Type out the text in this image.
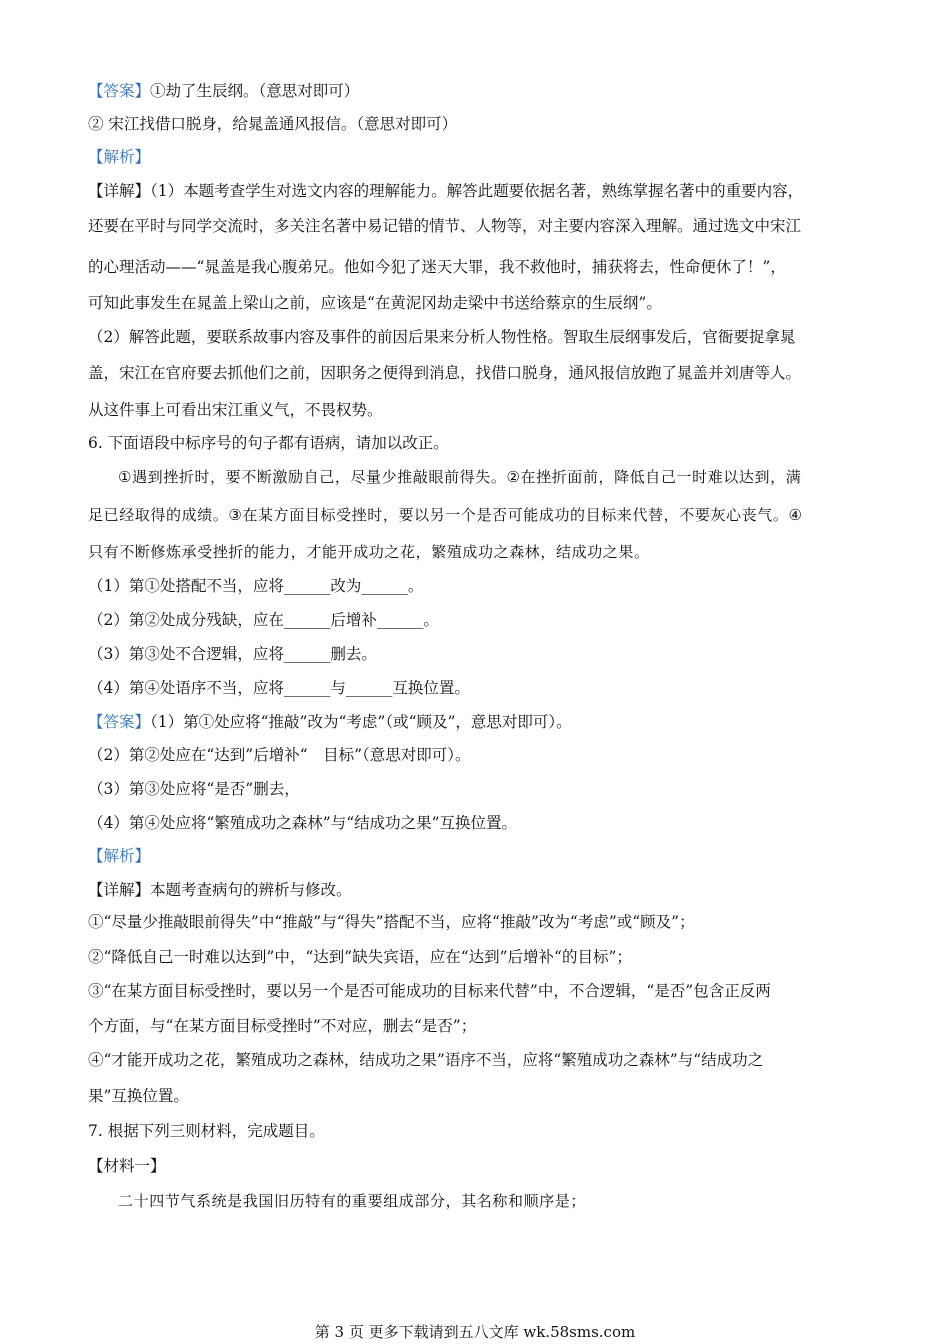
【答案】①劫了生辰纲。（意思对即可）
② 宋江找借口脱身，给晁盖通风报信。（意思对即可）
【解析】
【详解】（1）本题考查学生对选文内容的理解能力。解答此题要依据名著，熟练掌握名著中的重要内容，
还要在平时与同学交流时，多关注名著中易记错的情节、人物等，对主要内容深入理解。通过选文中宋江
的心理活动——“晁盖是我心腹弟兄。他如今犯了迷天大罪，我不救他时，捕获将去，性命便休了！”，
可知此事发生在晁盖上梁山之前，应该是“在黄泥冈劫走梁中书送给蔡京的生辰纲”。
（2）解答此题，要联系故事内容及事件的前因后果来分析人物性格。智取生辰纲事发后，官衙要捉拿晁
盖，宋江在官府要去抓他们之前，因职务之便得到消息，找借口脱身，通风报信放跑了晁盖并刘唐等人。
从这件事上可看出宋江重义气，不畏权势。
6. 下面语段中标序号的句子都有语病，请加以改正。
①遇到挫折时，要不断激励自己，尽量少推敲眼前得失。②在挫折面前，降低自己一时难以达到，满
足已经取得的成绩。③在某方面目标受挫时，要以另一个是否可能成功的目标来代替，不要灰心丧气。④
只有不断修炼承受挫折的能力，才能开成功之花，繁殖成功之森林，结成功之果。
（1）第①处搭配不当，应将______改为______。
（2）第②处成分残缺，应在______后增补______。
（3）第③处不合逻辑，应将______删去。
（4）第④处语序不当，应将______与______互换位置。
【答案】（1）第①处应将“推敲”改为“考虑”（或“顾及”，意思对即可）。
（2）第②处应在“达到”后增补“　目标”（意思对即可）。
（3）第③处应将“是否”删去，
（4）第④处应将“繁殖成功之森林”与“结成功之果”互换位置。
【解析】
【详解】本题考查病句的辨析与修改。
①“尽量少推敲眼前得失”中“推敲”与“得失”搭配不当，应将“推敲”改为“考虑”或“顾及”；
②“降低自己一时难以达到”中，“达到”缺失宾语，应在“达到”后增补“的目标”；
③“在某方面目标受挫时，要以另一个是否可能成功的目标来代替”中，不合逻辑，“是否”包含正反两
个方面，与“在某方面目标受挫时”不对应，删去“是否”；
④“才能开成功之花，繁殖成功之森林，结成功之果”语序不当，应将“繁殖成功之森林”与“结成功之
果”互换位置。
7. 根据下列三则材料，完成题目。
【材料一】
二十四节气系统是我国旧历特有的重要组成部分，其名称和顺序是；
第 3 页 更多下载请到五八文库 wk.58sms.com
